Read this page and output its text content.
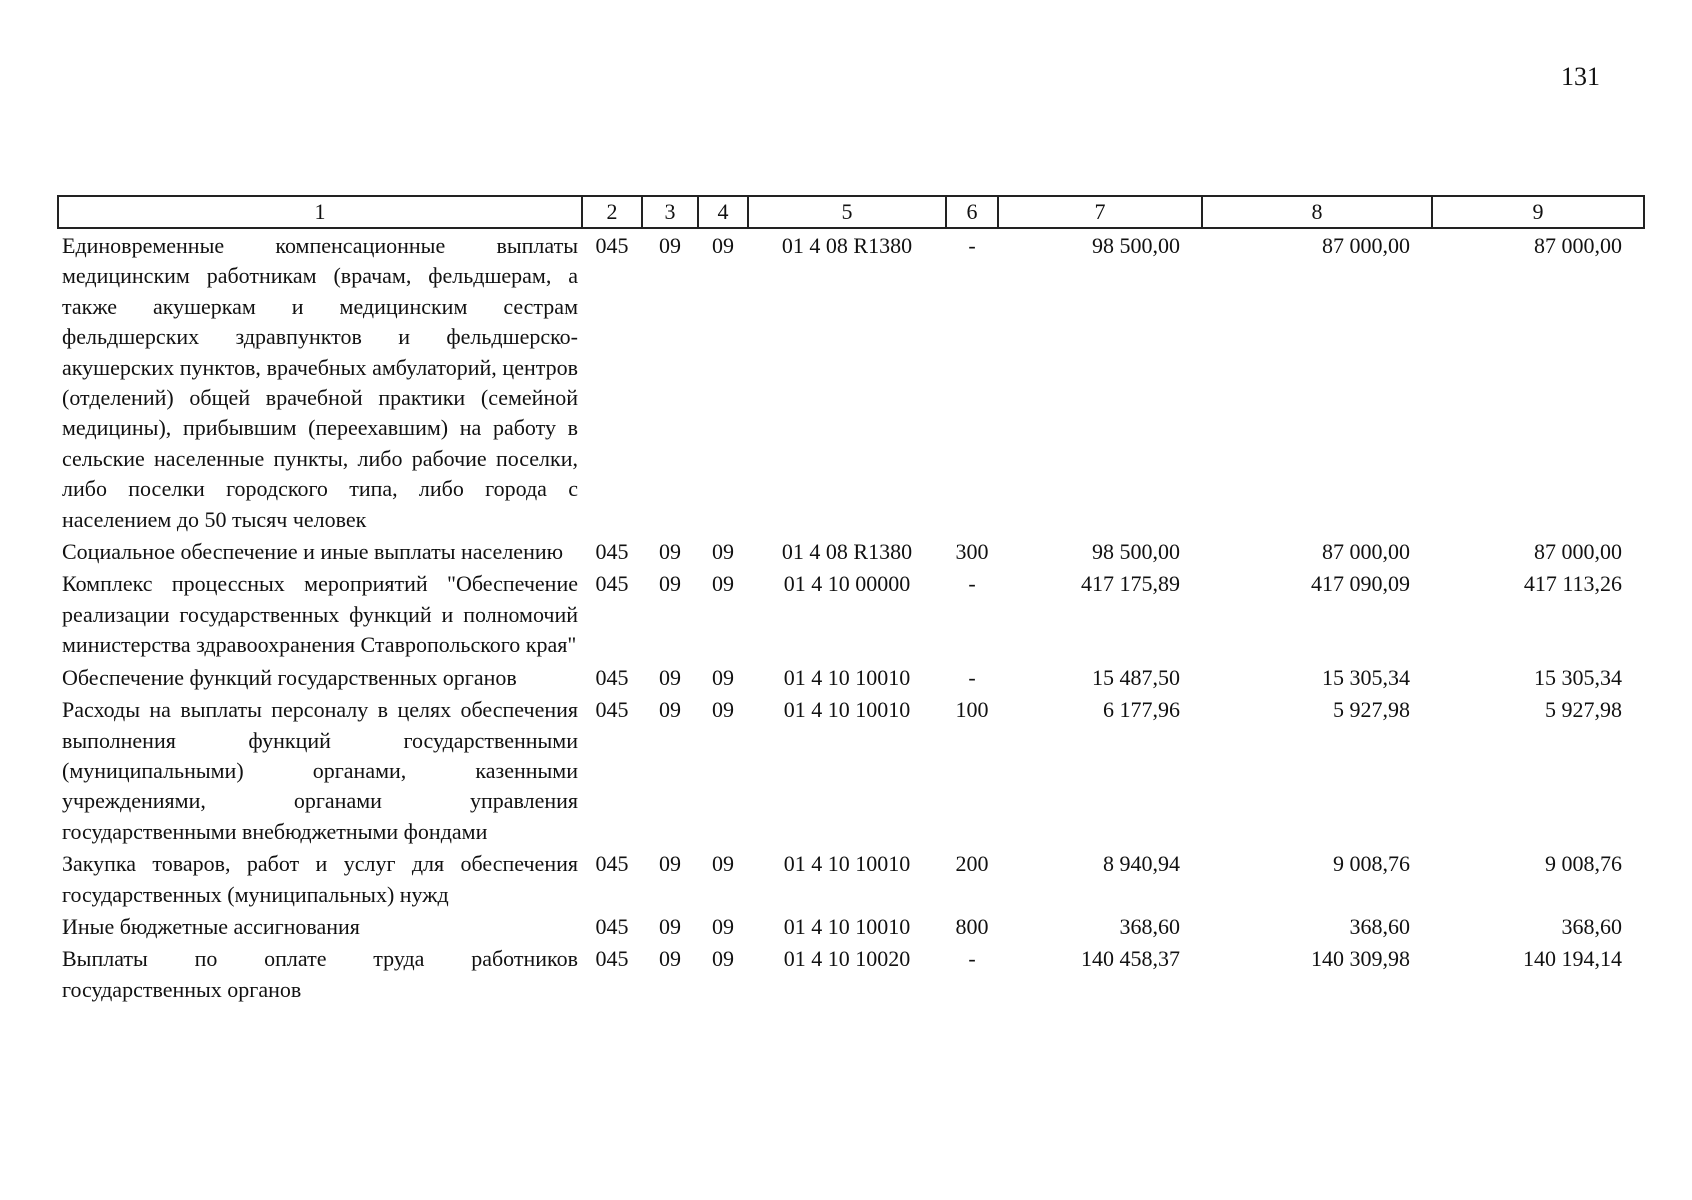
131
1	2	3	4	5	6	7	8	9
Единовременные компенсационные выплаты медицинским работникам (врачам, фельдшерам, а также акушеркам и медицинским сестрам фельдшерских здравпунктов и фельдшерско-акушерских пунктов, врачебных амбулаторий, центров (отделений) общей врачебной практики (семейной медицины), прибывшим (переехавшим) на работу в сельские населенные пункты, либо рабочие поселки, либо поселки городского типа, либо города с населением до 50 тысяч человек	045	09	09	01 4 08 R1380	-	98 500,00	87 000,00	87 000,00
Социальное обеспечение и иные выплаты населению	045	09	09	01 4 08 R1380	300	98 500,00	87 000,00	87 000,00
Комплекс процессных мероприятий "Обеспечение реализации государственных функций и полномочий министерства здравоохранения Ставропольского края"	045	09	09	01 4 10 00000	-	417 175,89	417 090,09	417 113,26
Обеспечение функций государственных органов	045	09	09	01 4 10 10010	-	15 487,50	15 305,34	15 305,34
Расходы на выплаты персоналу в целях обеспечения выполнения функций государственными (муниципальными) органами, казенными учреждениями, органами управления государственными внебюджетными фондами	045	09	09	01 4 10 10010	100	6 177,96	5 927,98	5 927,98
Закупка товаров, работ и услуг для обеспечения государственных (муниципальных) нужд	045	09	09	01 4 10 10010	200	8 940,94	9 008,76	9 008,76
Иные бюджетные ассигнования	045	09	09	01 4 10 10010	800	368,60	368,60	368,60
Выплаты по оплате труда работников государственных органов	045	09	09	01 4 10 10020	-	140 458,37	140 309,98	140 194,14
